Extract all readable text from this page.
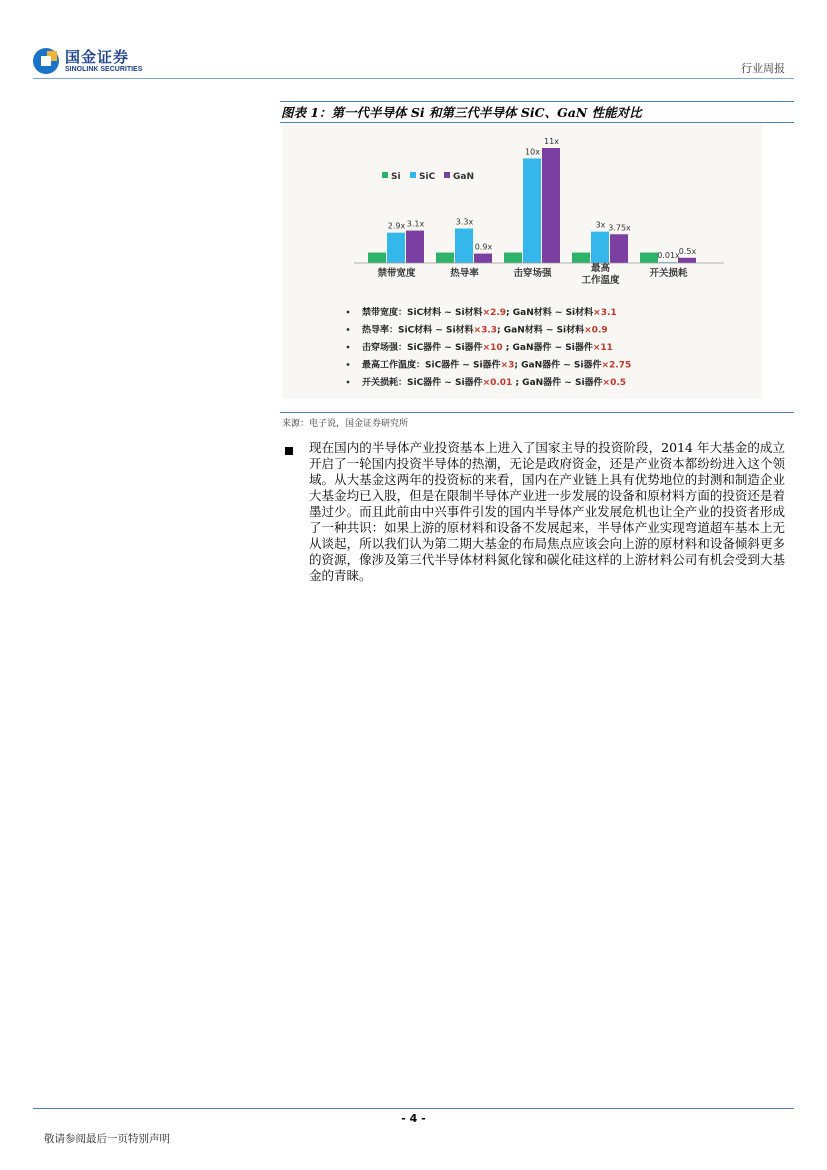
国金证券
SINOLINK SECURITIES	行业周报
图表 1：第一代半导体 Si 和第三代半导体 SiC、GaN 性能对比
Si SiC GaN
2.9x 3.1x	3.3x
0.9x
10x
11x
3x 3.75x
0.01x
0.5x
禁带宽度	热导率	击穿场强	最高
工作温度
开关损耗
禁带宽度：SiC材料 ~ Si材料×2.9; GaN材料 ~ Si材料×3.1
热导率：SiC材料 ~ Si材料×3.3; GaN材料 ~ Si材料×0.9
击穿场强：SiC器件 ~ Si器件×10 ; GaN器件 ~ Si器件×11
最高工作温度：SiC器件 ~ Si器件×3; GaN器件 ~ Si器件×2.75
开关损耗：SiC器件 ~ Si器件×0.01 ; GaN器件 ~ Si器件×0.5
来源：电子说，国金证券研究所
现在国内的半导体产业投资基本上进入了国家主导的投资阶段，2014 年大基金的成立开启了一轮国内投资半导体的热潮，无论是政府资金，还是产业资本都纷纷进入这个领域。从大基金这两年的投资标的来看，国内在产业链上具有优势地位的封测和制造企业大基金均已入股，但是在限制半导体产业进一步发展的设备和原材料方面的投资还是着墨过少。而且此前由中兴事件引发的国内半导体产业发展危机也让全产业的投资者形成了一种共识：如果上游的原材料和设备不发展起来，半导体产业实现弯道超车基本上无从谈起，所以我们认为第二期大基金的布局焦点应该会向上游的原材料和设备倾斜更多的资源，像涉及第三代半导体材料氮化镓和碳化硅这样的上游材料公司有机会受到大基金的青睐。
- 4 -
敬请参阅最后一页特别声明
